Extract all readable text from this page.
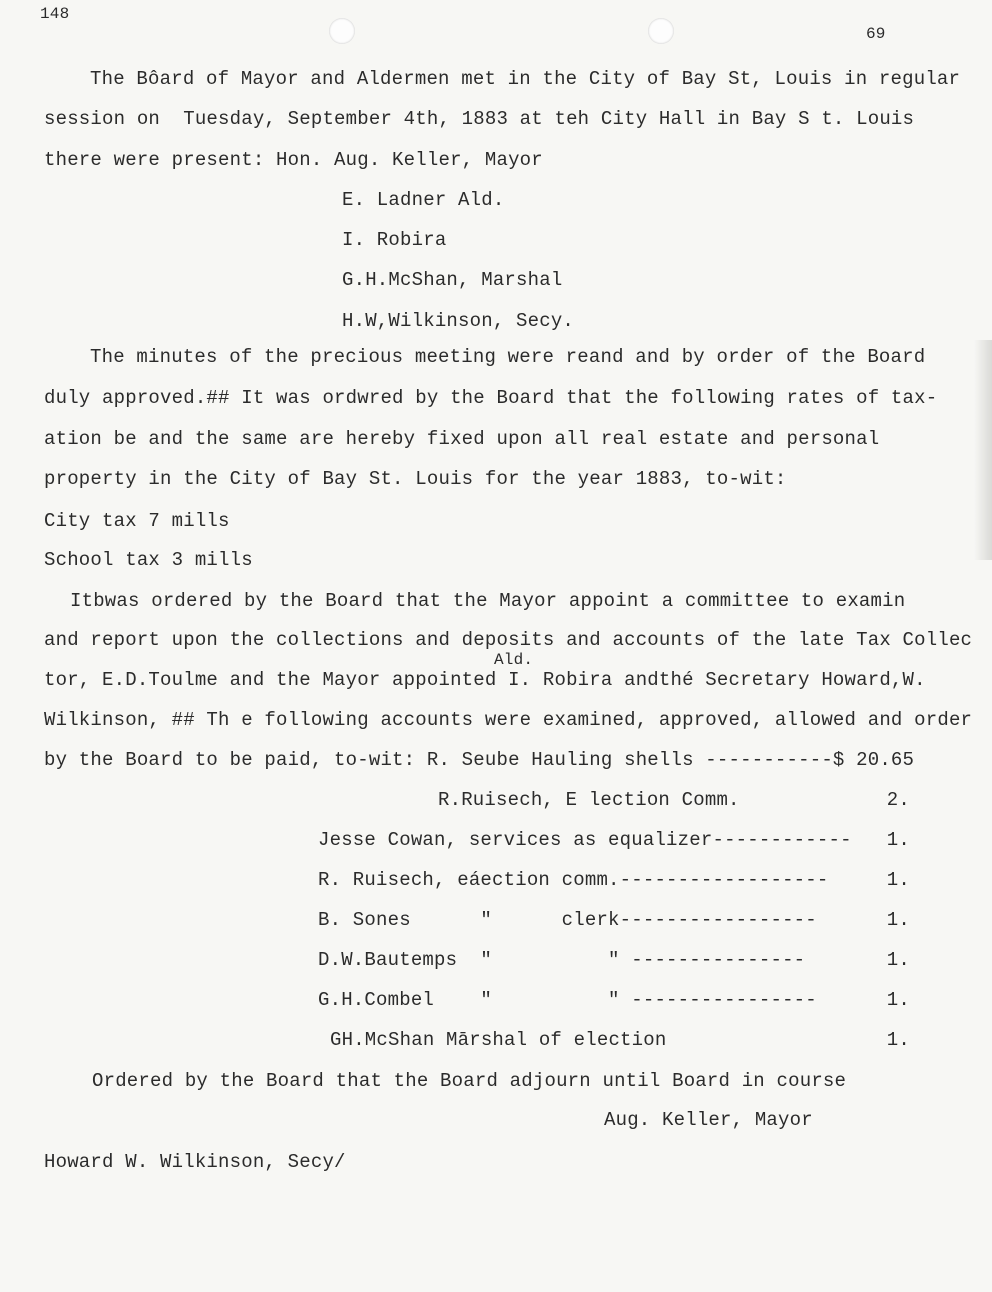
148
69
The Bôard of Mayor and Aldermen met in the City of Bay St, Louis in regular
session on  Tuesday, September 4th, 1883 at teh City Hall in Bay S t. Louis
there were present: Hon. Aug. Keller, Mayor
E. Ladner Ald.
I. Robira
G.H.McShan, Marshal
H.W,Wilkinson, Secy.
The minutes of the precious meeting were reand and by order of the Board
duly approved.## It was ordwred by the Board that the following rates of tax-
ation be and the same are hereby fixed upon all real estate and personal
property in the City of Bay St. Louis for the year 1883, to-wit:
City tax 7 mills
School tax 3 mills
Itbwas ordered by the Board that the Mayor appoint a committee to examin
and report upon the collections and deposits and accounts of the late Tax Collec
Ald.
tor, E.D.Toulme and the Mayor appointed I. Robira andthé Secretary Howard,W.
Wilkinson, ## Th e following accounts were examined, approved, allowed and order
by the Board to be paid, to-wit: R. Seube Hauling shells -----------$ 20.65
R.Ruisech, E lection Comm.	2.
Jesse Cowan, services as equalizer------------	1.
R. Ruisech, eáection comm.------------------	1.
B. Sones      "      clerk-----------------	1.
D.W.Bautemps  "          " ---------------	1.
G.H.Combel    "          " ----------------	1.
GH.McShan Mārshal of election	1.
Ordered by the Board that the Board adjourn until Board in course
Aug. Keller, Mayor
Howard W. Wilkinson, Secy/
